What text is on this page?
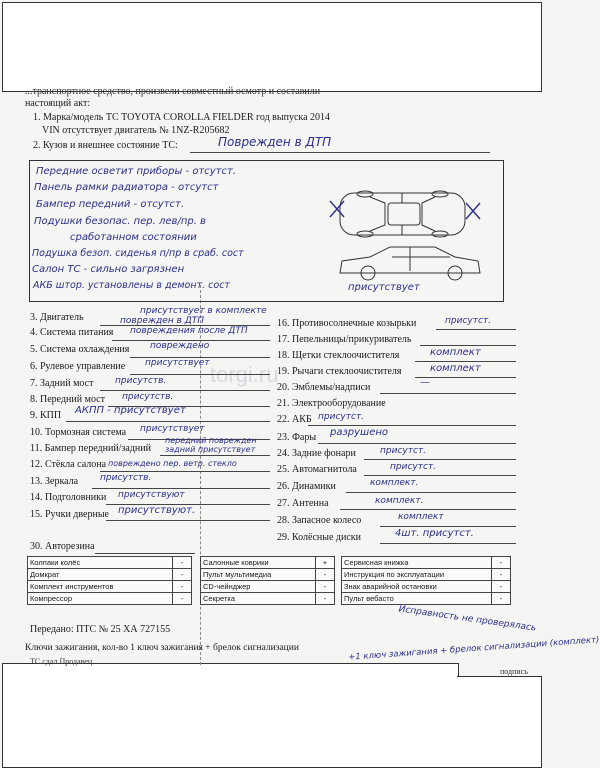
...транспортное средство, произвели совместный осмотр и составили
настоящий акт:
1. Марка/модель ТС TOYOTA COROLLA FIELDER год выпуска 2014
VIN отсутствует двигатель № 1NZ-R205682
2. Кузов и внешнее состояние ТС:	Поврежден в ДТП
Передние осветит приборы - отсутст.
Панель рамки радиатора - отсутст
Бампер передний - отсутст.
Подушки безопас. пер. лев/пр. в
сработанном состоянии
Подушка безоп. сиденья п/пр в сраб. сост
Салон ТС - сильно загрязнен
АКБ штор. установлены в демонт. сост	присутствует
torgi.ru
3. Двигатель
присутствует в комплекте
поврежден в ДТП
4. Система питания повреждения после ДТП
5. Система охлаждения повреждено
6. Рулевое управление присутствует
7. Задний мост присутств.
8. Передний мост присутств.
9. КПП АКПП - присутствует
10. Тормозная система присутствует
11. Бампер передний/задний
передний поврежден
задний присутствует
12. Стёкла салона повреждено пер. ветр. стекло
13. Зеркала присутств.
14. Подголовники присутствуют
15. Ручки дверные присутствуют.
16. Противосолнечные козырьки	присутст.
17. Пепельницы/прикуриватель
18. Щетки стеклоочистителя	комплект
19. Рычаги стеклоочистителя	комплект
20. Эмблемы/надписи	—
21. Электрооборудование
22. АКБ присутст.
23. Фары разрушено
24. Задние фонари	присутст.
25. Автомагнитола	присутст.
26. Динамики	комплект.
27. Антенна	комплект.
28. Запасное колесо	комплект
29. Колёсные диски	4шт. присутст.
30. Авторезина
Колпаки колёс	-
Домкрат	-
Комплект инструментов	-
Компрессор	-
Салонные коврики	+
Пульт мультимедиа	-
CD-чейнджер	-
Секретка	-
Сервисная книжка	-
Инструкция по эксплуатации	-
Знак аварийной остановки	-
Пульт вебасто	-
Исправность не проверялась
Передано: ПТС № 25 ХА 727155
Ключи зажигания, кол-во 1 ключ зажигания + брелок сигнализации	+1 ключ зажигания + брелок сигнализации (комплект)
ТС сдал Продавец
подпись
